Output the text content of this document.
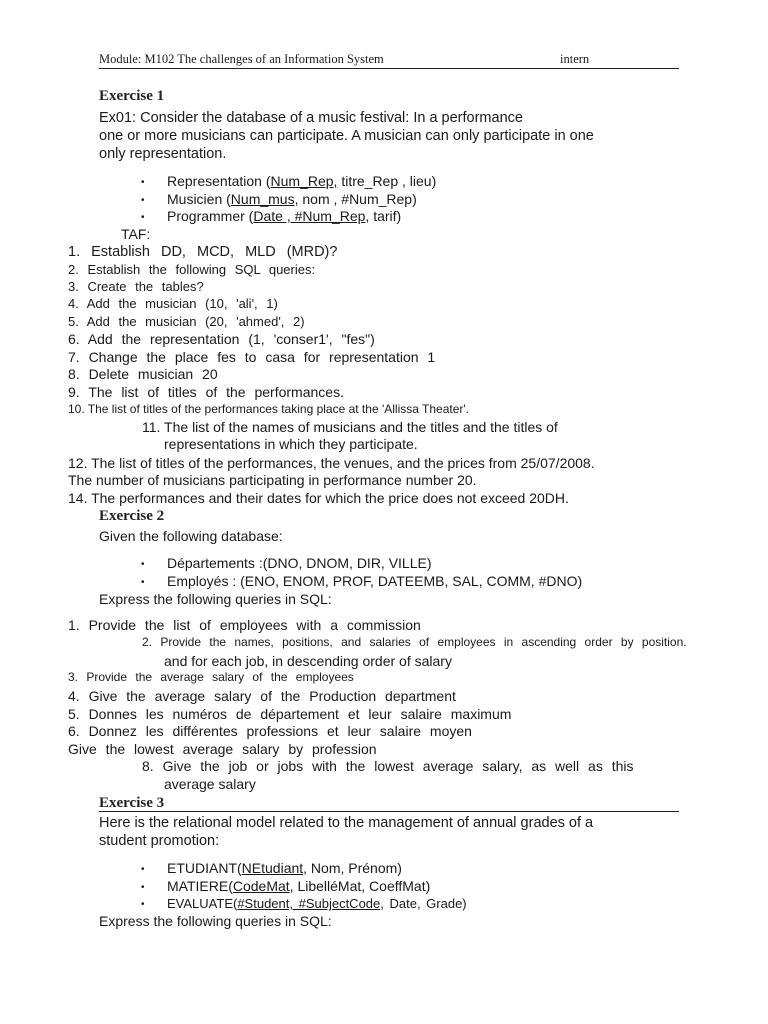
Module: M102 The challenges of an Information System	intern
Exercise 1
Ex01: Consider the database of a music festival: In a performance
one or more musicians can participate. A musician can only participate in one
only representation.
• Representation (Num_Rep, titre_Rep , lieu)
• Musicien (Num_mus, nom , #Num_Rep)
• Programmer (Date , #Num_Rep, tarif)
TAF:
1. Establish DD, MCD, MLD (MRD)?
2. Establish the following SQL queries:
3. Create the tables?
4. Add the musician (10, 'ali', 1)
5. Add the musician (20, 'ahmed', 2)
6. Add the representation (1, 'conser1', "fes")
7. Change the place fes to casa for representation 1
8. Delete musician 20
9. The list of titles of the performances.
10. The list of titles of the performances taking place at the 'Allissa Theater'.
11. The list of the names of musicians and the titles and the titles of
representations in which they participate.
12. The list of titles of the performances, the venues, and the prices from 25/07/2008.
The number of musicians participating in performance number 20.
14. The performances and their dates for which the price does not exceed 20DH.
Exercise 2
Given the following database:
• Départements :(DNO, DNOM, DIR, VILLE)
• Employés : (ENO, ENOM, PROF, DATEEMB, SAL, COMM, #DNO)
Express the following queries in SQL:
1. Provide the list of employees with a commission
2. Provide the names, positions, and salaries of employees in ascending order by position.
and for each job, in descending order of salary
3. Provide the average salary of the employees
4. Give the average salary of the Production department
5. Donnes les numéros de département et leur salaire maximum
6. Donnez les différentes professions et leur salaire moyen
Give the lowest average salary by profession
8. Give the job or jobs with the lowest average salary, as well as this
average salary
Exercise 3
Here is the relational model related to the management of annual grades of a
student promotion:
• ETUDIANT(NEtudiant, Nom, Prénom)
• MATIERE(CodeMat, LibelléMat, CoeffMat)
• EVALUATE(#Student, #SubjectCode, Date, Grade)
Express the following queries in SQL:
